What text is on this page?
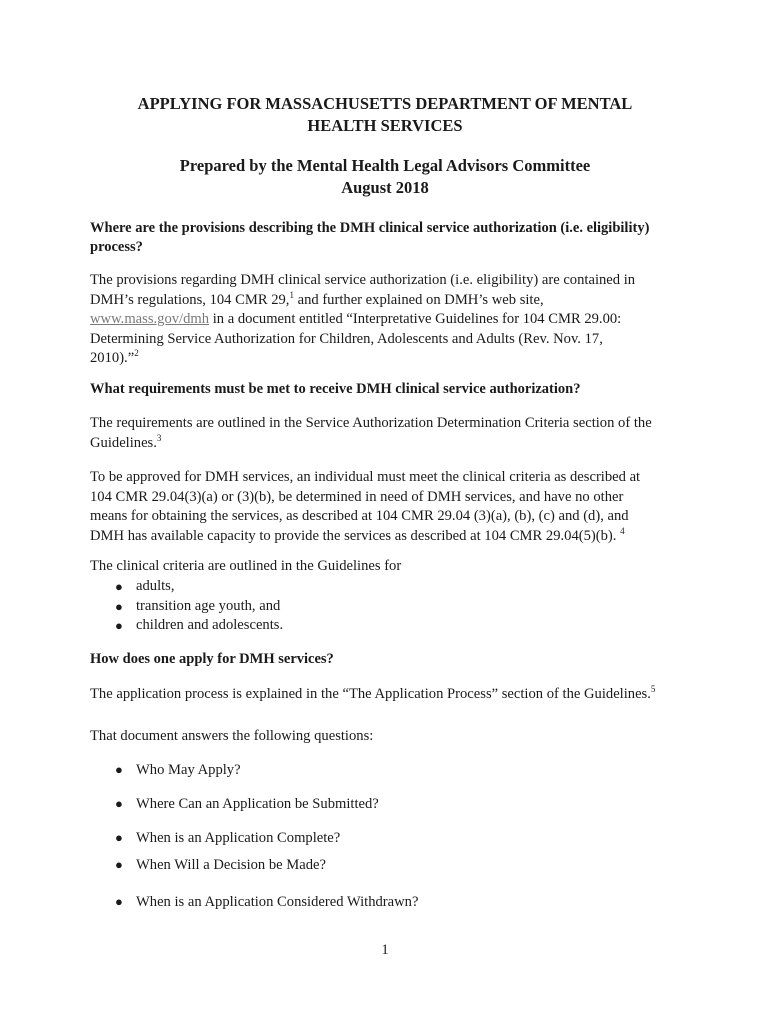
APPLYING FOR MASSACHUSETTS DEPARTMENT OF MENTAL
HEALTH SERVICES
Prepared by the Mental Health Legal Advisors Committee
August 2018
Where are the provisions describing the DMH clinical service authorization (i.e. eligibility)
process?
The provisions regarding DMH clinical service authorization (i.e. eligibility) are contained in
DMH’s regulations, 104 CMR 29,$^1$ and further explained on DMH’s web site,
www.mass.gov/dmh in a document entitled “Interpretative Guidelines for 104 CMR 29.00:
Determining Service Authorization for Children, Adolescents and Adults (Rev. Nov. 17,
2010).”$^2$
What requirements must be met to receive DMH clinical service authorization?
The requirements are outlined in the Service Authorization Determination Criteria section of the
Guidelines.$^3$
To be approved for DMH services, an individual must meet the clinical criteria as described at
104 CMR 29.04(3)(a) or (3)(b), be determined in need of DMH services, and have no other
means for obtaining the services, as described at 104 CMR 29.04 (3)(a), (b), (c) and (d), and
DMH has available capacity to provide the services as described at 104 CMR 29.04(5)(b). $^4$
The clinical criteria are outlined in the Guidelines for
● adults,
● transition age youth, and
● children and adolescents.
How does one apply for DMH services?
The application process is explained in the “The Application Process” section of the Guidelines.$^5$
That document answers the following questions:
● Who May Apply?
● Where Can an Application be Submitted?
● When is an Application Complete?
● When Will a Decision be Made?
● When is an Application Considered Withdrawn?
1
